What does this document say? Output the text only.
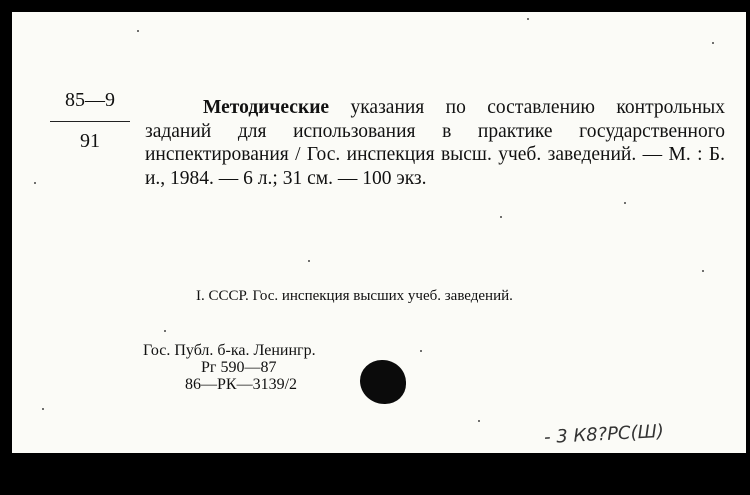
85—9
91
Методические указания по составлению контрольных заданий для использования в практике государственного инспектирования / Гос. инспекция высш. учеб. заведений. — М. : Б. и., 1984. — 6 л.; 31 см. — 100 экз.
I. СССР. Гос. инспекция высших учеб. заведений.
Гос. Публ. б-ка. Ленингр.
Рг 590—87
86—РК—3139/2
- 3 К8?РС(Ш)
